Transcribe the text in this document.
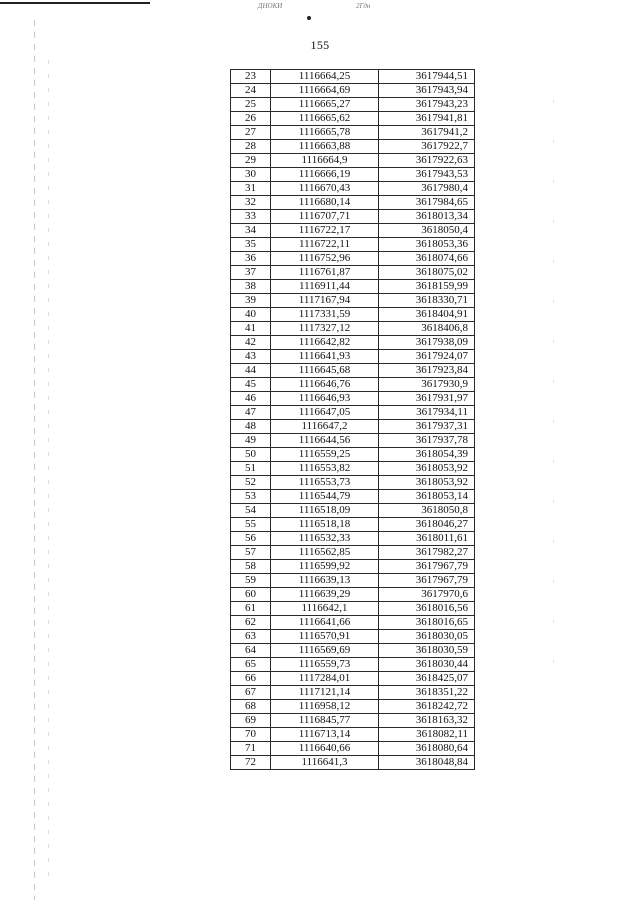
ДНОКИ	2Гдн
155
23	1116664,25	3617944,51
24	1116664,69	3617943,94
25	1116665,27	3617943,23
26	1116665,62	3617941,81
27	1116665,78	3617941,2
28	1116663,88	3617922,7
29	1116664,9	3617922,63
30	1116666,19	3617943,53
31	1116670,43	3617980,4
32	1116680,14	3617984,65
33	1116707,71	3618013,34
34	1116722,17	3618050,4
35	1116722,11	3618053,36
36	1116752,96	3618074,66
37	1116761,87	3618075,02
38	1116911,44	3618159,99
39	1117167,94	3618330,71
40	1117331,59	3618404,91
41	1117327,12	3618406,8
42	1116642,82	3617938,09
43	1116641,93	3617924,07
44	1116645,68	3617923,84
45	1116646,76	3617930,9
46	1116646,93	3617931,97
47	1116647,05	3617934,11
48	1116647,2	3617937,31
49	1116644,56	3617937,78
50	1116559,25	3618054,39
51	1116553,82	3618053,92
52	1116553,73	3618053,92
53	1116544,79	3618053,14
54	1116518,09	3618050,8
55	1116518,18	3618046,27
56	1116532,33	3618011,61
57	1116562,85	3617982,27
58	1116599,92	3617967,79
59	1116639,13	3617967,79
60	1116639,29	3617970,6
61	1116642,1	3618016,56
62	1116641,66	3618016,65
63	1116570,91	3618030,05
64	1116569,69	3618030,59
65	1116559,73	3618030,44
66	1117284,01	3618425,07
67	1117121,14	3618351,22
68	1116958,12	3618242,72
69	1116845,77	3618163,32
70	1116713,14	3618082,11
71	1116640,66	3618080,64
72	1116641,3	3618048,84
